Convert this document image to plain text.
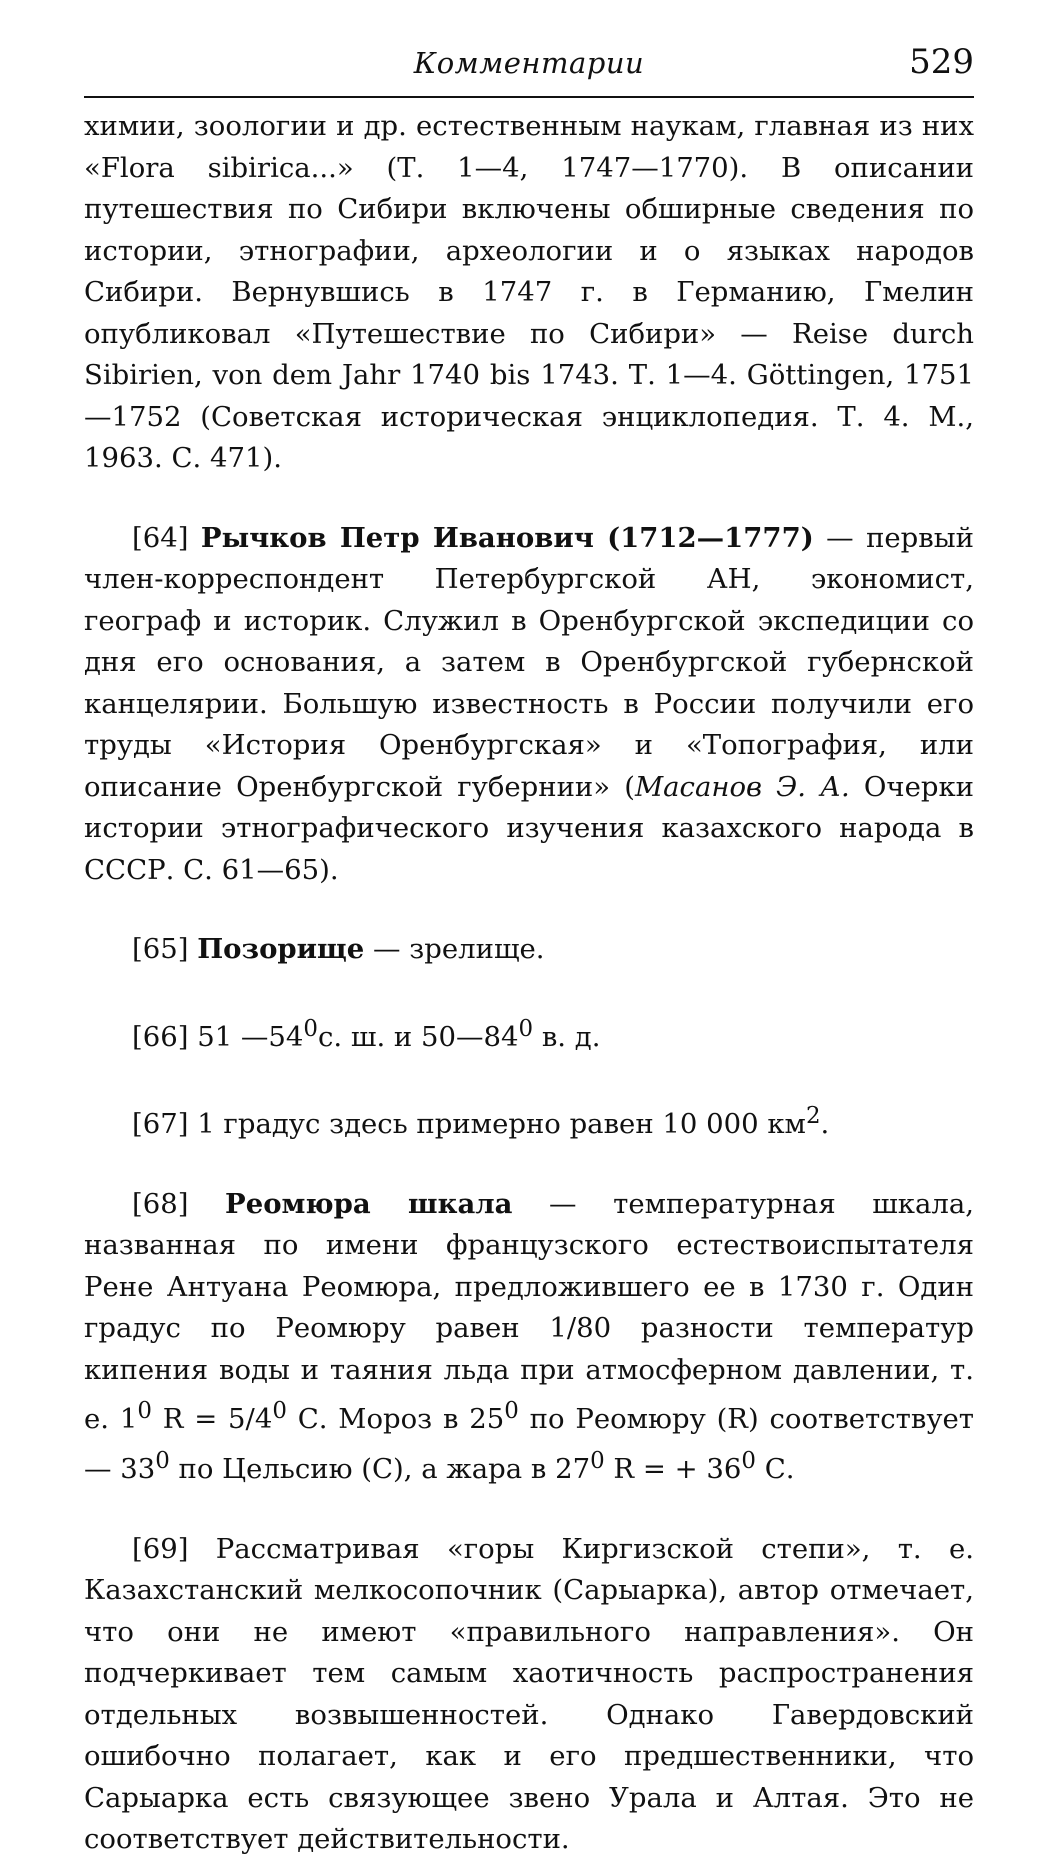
Комментарии	529

химии, зоологии и др. естественным наукам, главная из них «Flora sibirica...» (Т. 1—4, 1747—1770). В описании путешествия по Сибири включены обширные сведения по истории, этнографии, археологии и о языках народов Сибири. Вернувшись в 1747 г. в Германию, Гмелин опубликовал «Путешествие по Сибири» — Reise durch Sibirien, von dem Jahr 1740 bis 1743. Т. 1—4. Göttingen, 1751—1752 (Советская историческая энциклопедия. Т. 4. М., 1963. С. 471).

[64] Рычков Петр Иванович (1712—1777) — первый член-корреспондент Петербургской АН, экономист, географ и историк. Служил в Оренбургской экспедиции со дня его основания, а затем в Оренбургской губернской канцелярии. Большую известность в России получили его труды «История Оренбургская» и «Топография, или описание Оренбургской губернии» (Масанов Э. А. Очерки истории этнографического изучения казахского народа в СССР. С. 61—65).

[65] Позорище — зрелище.

[66] 51 $—54^0с$. ш. и $50—84^0$ в. д.

[67] 1 градус здесь примерно равен 10 000 $км^2$.

[68] Реомюра шкала — температурная шкала, названная по имени французского естествоиспытателя Рене Антуана Реомюра, предложившего ее в 1730 г. Один градус по Реомюру равен 1/80 разности температур кипения воды и таяния льда при атмосферном давлении, т. е. $1^0$ $R = 5/4^0$ С. Мороз в $25^0$ по Реомюру (R) соответствует — $33^0$ по Цельсию (С), а жара в $27^0$ R = + $36^0$ С.

[69] Рассматривая «горы Киргизской степи», т. е. Казахстанский мелкосопочник (Сарыарка), автор отмечает, что они не имеют «правильного направления». Он подчеркивает тем самым хаотичность распространения отдельных возвышенностей. Однако Гавердовский ошибочно полагает, как и его предшественники, что Сарыарка есть связующее звено Урала и Алтая. Это не соответствует действительности.
